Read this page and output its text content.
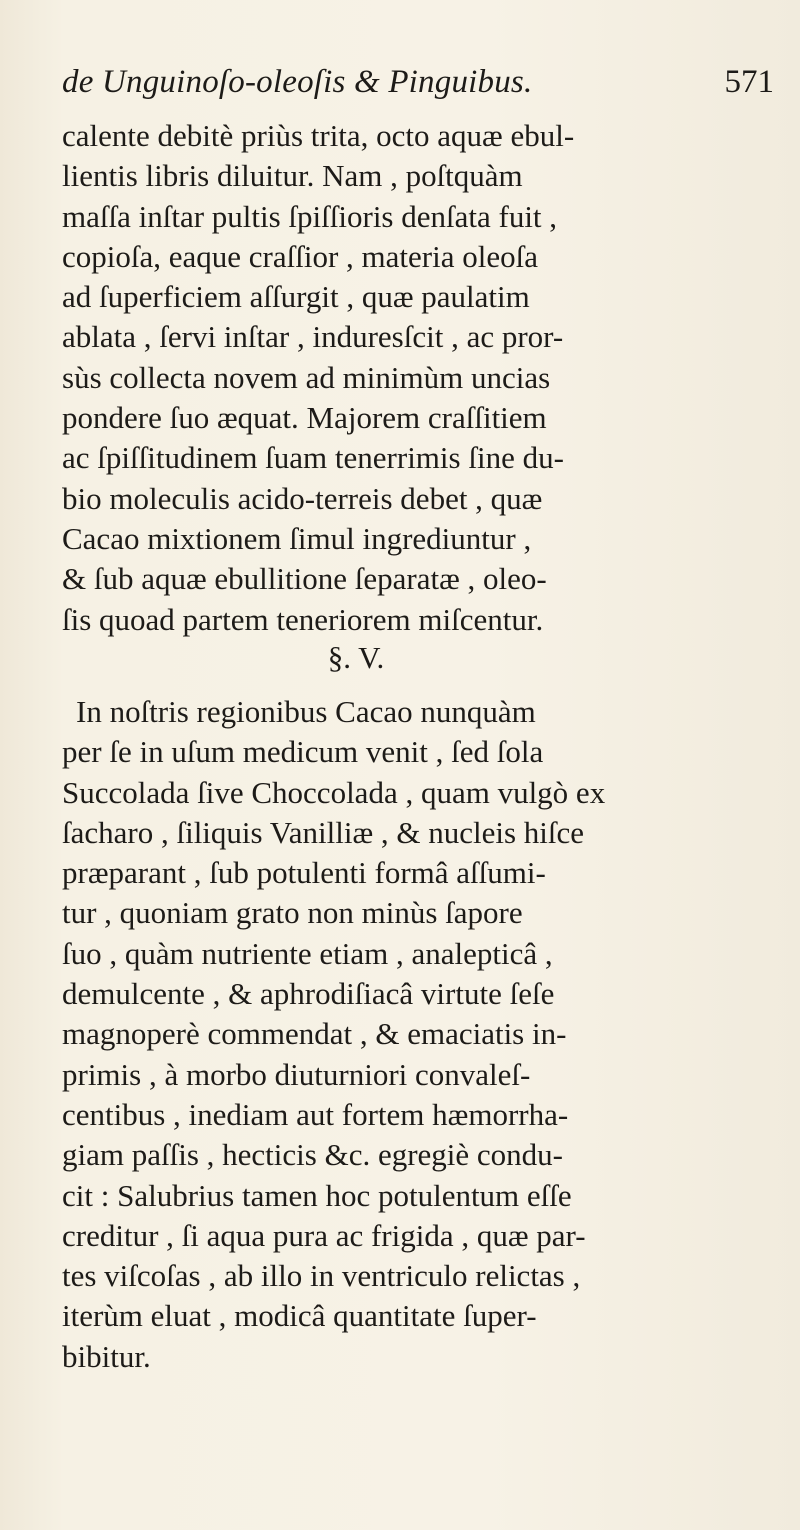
de Unguinoſo-oleoſis & Pinguibus.	571
calente debitè priùs trita, octo aquæ ebul-
lientis libris diluitur. Nam , poſtquàm
maſſa inſtar pultis ſpiſſioris denſata fuit ,
copioſa, eaque craſſior , materia oleoſa
ad ſuperficiem aſſurgit , quæ paulatim
ablata , ſervi inſtar , induresſcit , ac pror-
sùs collecta novem ad minimùm uncias
pondere ſuo æquat. Majorem craſſitiem
ac ſpiſſitudinem ſuam tenerrimis ſine du-
bio moleculis acido-terreis debet , quæ
Cacao mixtionem ſimul ingrediuntur ,
& ſub aquæ ebullitione ſeparatæ , oleo-
ſis quoad partem teneriorem miſcentur.
§. V.
In noſtris regionibus Cacao nunquàm
per ſe in uſum medicum venit , ſed ſola
Succolada ſive Choccolada , quam vulgò ex
ſacharo , ſiliquis Vanilliæ , & nucleis hiſce
præparant , ſub potulenti formâ aſſumi-
tur , quoniam grato non minùs ſapore
ſuo , quàm nutriente etiam , analepticâ ,
demulcente , & aphrodiſiacâ virtute ſeſe
magnoperè commendat , & emaciatis in-
primis , à morbo diuturniori convaleſ-
centibus , inediam aut fortem hæmorrha-
giam paſſis , hecticis &c. egregiè condu-
cit : Salubrius tamen hoc potulentum eſſe
creditur , ſi aqua pura ac frigida , quæ par-
tes viſcoſas , ab illo in ventriculo relictas ,
iterùm eluat , modicâ quantitate ſuper-
bibitur.
